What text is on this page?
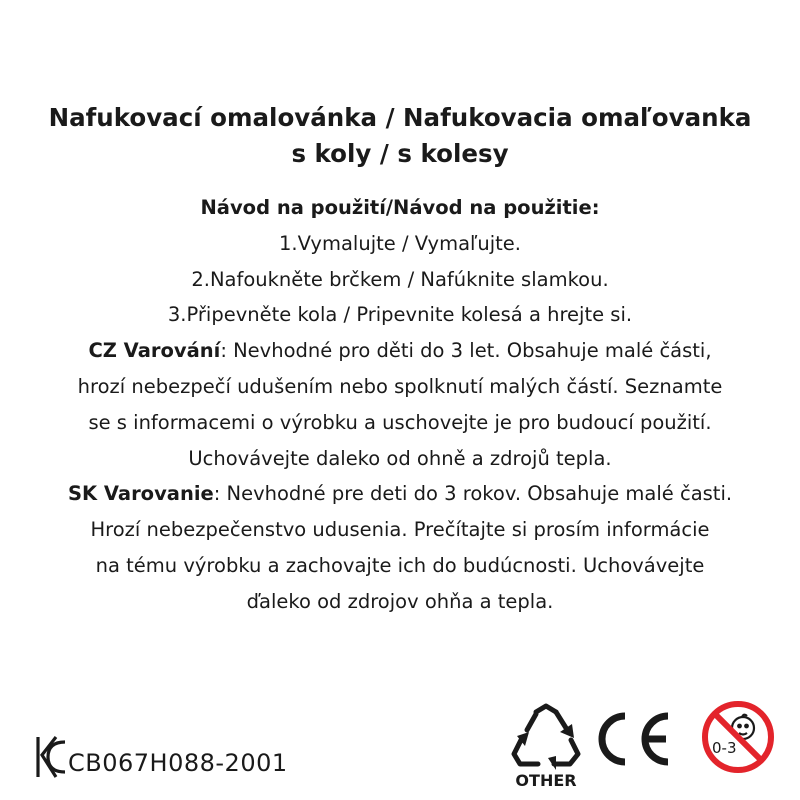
Nafukovací omalovánka / Nafukovacia omaľovanka
s koly / s kolesy
Návod na použití/Návod na použitie:
1.Vymalujte / Vymaľujte.
2.Nafoukněte brčkem / Nafúknite slamkou.
3.Připevněte kola / Pripevnite kolesá a hrejte si.
CZ Varování: Nevhodné pro děti do 3 let. Obsahuje malé části,
hrozí nebezpečí udušením nebo spolknutí malých částí. Seznamte
se s informacemi o výrobku a uschovejte je pro budoucí použití.
Uchovávejte daleko od ohně a zdrojů tepla.
SK Varovanie: Nevhodné pre deti do 3 rokov. Obsahuje malé časti.
Hrozí nebezpečenstvo udusenia. Prečítajte si prosím informácie
na tému výrobku a zachovajte ich do budúcnosti. Uchovávejte
ďaleko od zdrojov ohňa a tepla.
CB067H088-2001
OTHER
0-3
